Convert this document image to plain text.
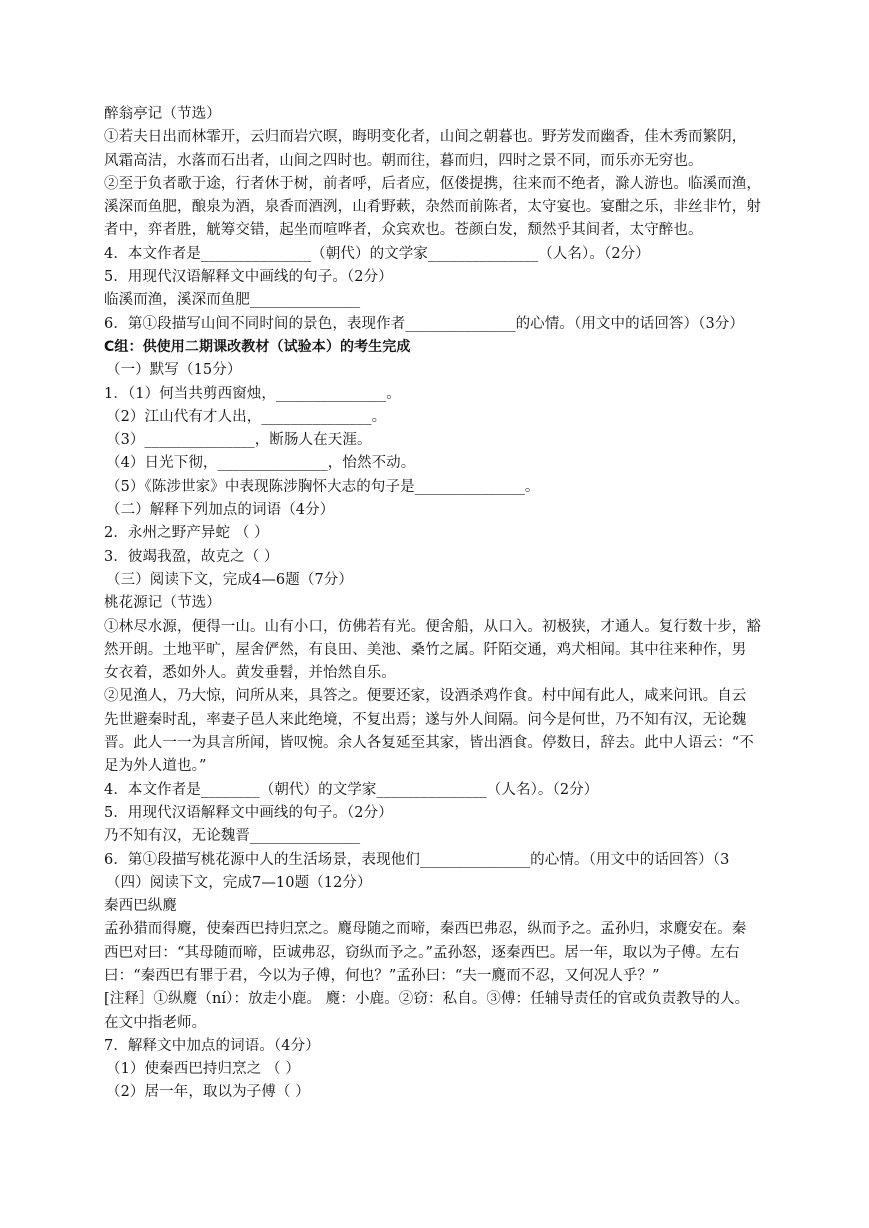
醉翁亭记（节选）
①若夫日出而林霏开，云归而岩穴暝，晦明变化者，山间之朝暮也。野芳发而幽香，佳木秀而繁阴，
风霜高洁，水落而石出者，山间之四时也。朝而往，暮而归，四时之景不同，而乐亦无穷也。
②至于负者歌于途，行者休于树，前者呼，后者应，伛偻提携，往来而不绝者，滁人游也。临溪而渔，
溪深而鱼肥，酿泉为酒，泉香而酒洌，山肴野蔌，杂然而前陈者，太守宴也。宴酣之乐，非丝非竹，射
者中，弈者胜，觥筹交错，起坐而喧哗者，众宾欢也。苍颜白发，颓然乎其间者，太守醉也。
4．本文作者是_______________（朝代）的文学家_______________（人名）。（2分）
5．用现代汉语解释文中画线的句子。（2分）
临溪而渔，溪深而鱼肥_______________
6．第①段描写山间不同时间的景色，表现作者_______________的心情。（用文中的话回答）（3分）
C组：供使用二期课改教材（试验本）的考生完成
（一）默写（15分）
1．（1）何当共剪西窗烛，_______________。
（2）江山代有才人出，_______________。
（3）_______________，断肠人在天涯。
（4）日光下彻，_______________，怡然不动。
（5）《陈涉世家》中表现陈涉胸怀大志的句子是_______________。
（二）解释下列加点的词语（4分）
2．永州之野产异蛇 （ ）
3．彼竭我盈，故克之（ ）
（三）阅读下文，完成4—6题（7分）
桃花源记（节选）
①林尽水源，便得一山。山有小口，仿佛若有光。便舍船，从口入。初极狭，才通人。复行数十步，豁
然开朗。土地平旷，屋舍俨然，有良田、美池、桑竹之属。阡陌交通，鸡犬相闻。其中往来种作，男
女衣着，悉如外人。黄发垂髫，并怡然自乐。
②见渔人，乃大惊，问所从来，具答之。便要还家，设酒杀鸡作食。村中闻有此人，咸来问讯。自云
先世避秦时乱，率妻子邑人来此绝境，不复出焉；遂与外人间隔。问今是何世，乃不知有汉，无论魏
晋。此人一一为具言所闻，皆叹惋。余人各复延至其家，皆出酒食。停数日，辞去。此中人语云：“不
足为外人道也。”
4．本文作者是________（朝代）的文学家_______________（人名）。（2分）
5．用现代汉语解释文中画线的句子。（2分）
乃不知有汉，无论魏晋_______________
6．第①段描写桃花源中人的生活场景，表现他们_______________的心情。（用文中的话回答）（3
（四）阅读下文，完成7—10题（12分）
秦西巴纵麑
孟孙猎而得麑，使秦西巴持归烹之。麑母随之而啼，秦西巴弗忍，纵而予之。孟孙归，求麑安在。秦
西巴对曰：“其母随而啼，臣诚弗忍，窃纵而予之。”孟孙怒，逐秦西巴。居一年，取以为子傅。左右
曰：“秦西巴有罪于君，今以为子傅，何也？”孟孙曰：“夫一麑而不忍，又何况人乎？”
[注释］①纵麑（ní）：放走小鹿。 麑：小鹿。②窃：私自。③傅：任辅导责任的官或负责教导的人。
在文中指老师。
7．解释文中加点的词语。（4分）
（1）使秦西巴持归烹之 （ ）
（2）居一年，取以为子傅（ ）
